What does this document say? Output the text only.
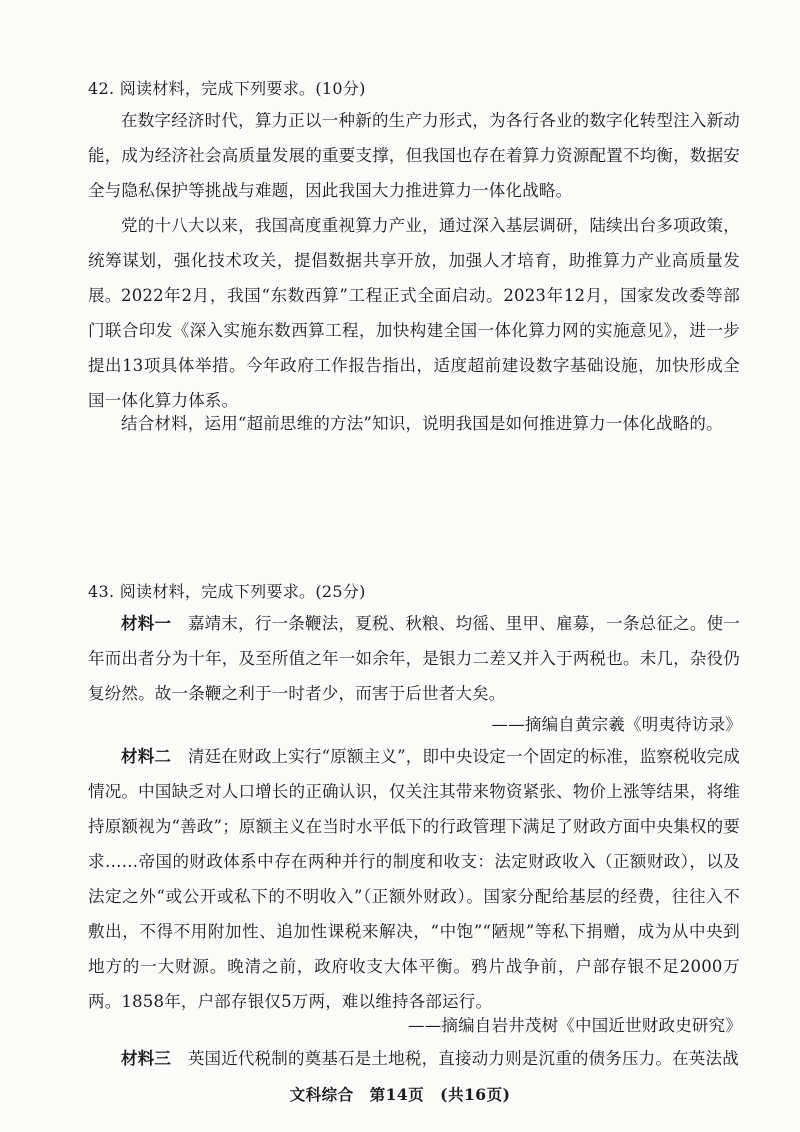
42. 阅读材料，完成下列要求。(10分)
在数字经济时代，算力正以一种新的生产力形式，为各行各业的数字化转型注入新动能，成为经济社会高质量发展的重要支撑，但我国也存在着算力资源配置不均衡，数据安全与隐私保护等挑战与难题，因此我国大力推进算力一体化战略。
党的十八大以来，我国高度重视算力产业，通过深入基层调研，陆续出台多项政策，统筹谋划，强化技术攻关，提倡数据共享开放，加强人才培育，助推算力产业高质量发展。 2022年2月，我国“东数西算”工程正式全面启动。2023年12月，国家发改委等部门联合印发《深入实施东数西算工程，加快构建全国一体化算力网的实施意见》，进一步提出13项具体举措。今年政府工作报告指出，适度超前建设数字基础设施，加快形成全国一体化算力体系。
结合材料，运用“超前思维的方法”知识，说明我国是如何推进算力一体化战略的。
43. 阅读材料，完成下列要求。(25分)
材料一　 嘉靖末，行一条鞭法，夏税、秋粮、均徭、里甲、雇募，一条总征之。使一年而出者分为十年，及至所值之年一如余年，是银力二差又并入于两税也。未几，杂役仍复纷然。故一条鞭之利于一时者少，而害于后世者大矣。
——摘编自黄宗羲《明夷待访录》
材料二　 清廷在财政上实行“原额主义”，即中央设定一个固定的标准，监察税收完成情况。中国缺乏对人口增长的正确认识，仅关注其带来物资紧张、物价上涨等结果，将维持原额视为“善政”；原额主义在当时水平低下的行政管理下满足了财政方面中央集权的要求……帝国的财政体系中存在两种并行的制度和收支：法定财政收入（正额财政），以及法定之外“或公开或私下的不明收入”（正额外财政）。国家分配给基层的经费，往往入不敷出，不得不用附加性、追加性课税来解决，“中饱”“陋规”等私下捐赠，成为从中央到地方的一大财源。晚清之前，政府收支大体平衡。鸦片战争前，户部存银不足2000万两。1858年，户部存银仅5万两，难以维持各部运行。
——摘编自岩井茂树《中国近世财政史研究》
材料三　 英国近代税制的奠基石是土地税，直接动力则是沉重的债务压力。在英法战
文科综合　第14页　(共16页)
